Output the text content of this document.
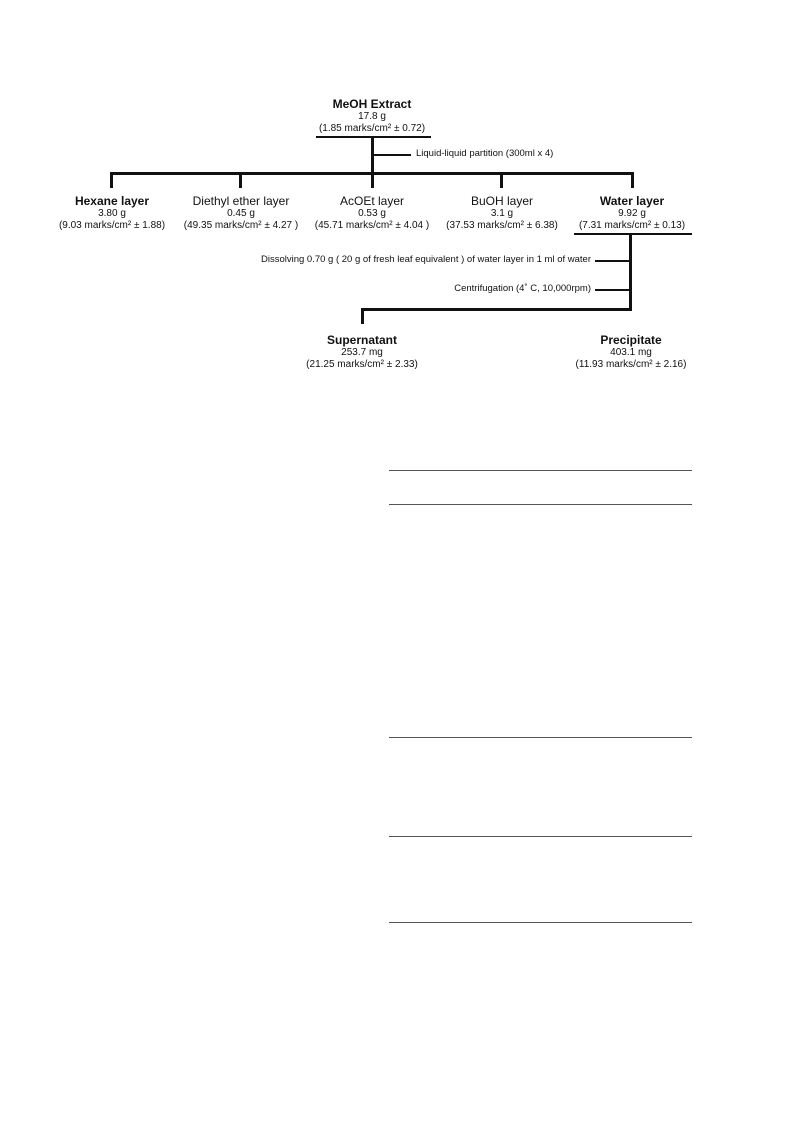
MeOH Extract
17.8 g
(1.85 marks/cm² ± 0.72)
Liquid-liquid partition (300ml x 4)
Hexane layer
3.80 g
(9.03 marks/cm² ± 1.88)
Diethyl ether layer
0.45 g
(49.35 marks/cm² ± 4.27 )
AcOEt layer
0.53 g
(45.71 marks/cm² ± 4.04 )
BuOH layer
3.1 g
(37.53 marks/cm² ± 6.38)
Water layer
9.92 g
(7.31 marks/cm² ± 0.13)
Dissolving 0.70 g ( 20 g of fresh leaf equivalent ) of water layer in 1 ml of water
Centrifugation (4˚ C, 10,000rpm)
Supernatant
253.7 mg
(21.25 marks/cm² ± 2.33)
Precipitate
403.1 mg
(11.93 marks/cm² ± 2.16)
